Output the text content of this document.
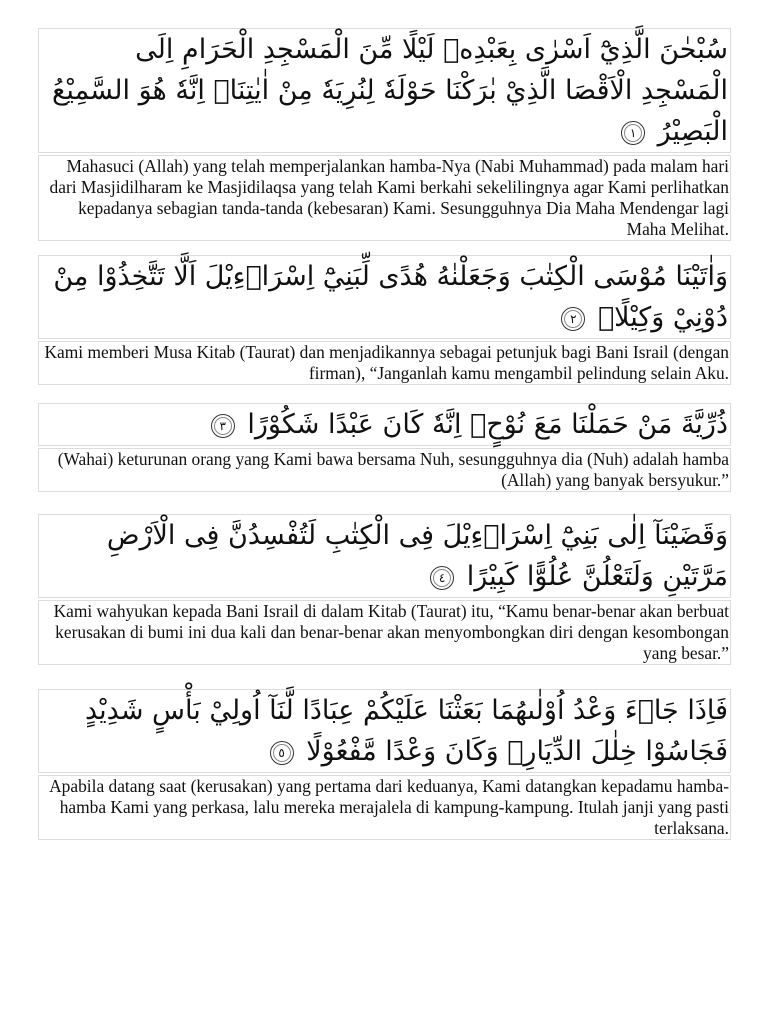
سُبْحٰنَ الَّذِيْٓ اَسْرٰى بِعَبْدِهٖ لَيْلًا مِّنَ الْمَسْجِدِ الْحَرَامِ اِلَى الْمَسْجِدِ الْاَقْصَا الَّذِيْ بٰرَكْنَا حَوْلَهٗ لِنُرِيَهٗ مِنْ اٰيٰتِنَاۗ اِنَّهٗ هُوَ السَّمِيْعُ الْبَصِيْرُ ١
Mahasuci (Allah) yang telah memperjalankan hamba-Nya (Nabi Muhammad) pada malam hari dari Masjidilharam ke Masjidilaqsa yang telah Kami berkahi sekelilingnya agar Kami perlihatkan kepadanya sebagian tanda-tanda (kebesaran) Kami. Sesungguhnya Dia Maha Mendengar lagi Maha Melihat.
وَاٰتَيْنَا مُوْسَى الْكِتٰبَ وَجَعَلْنٰهُ هُدًى لِّبَنِيْٓ اِسْرَاۤءِيْلَ اَلَّا تَتَّخِذُوْا مِنْ دُوْنِيْ وَكِيْلًاۗ ٢
Kami memberi Musa Kitab (Taurat) dan menjadikannya sebagai petunjuk bagi Bani Israil (dengan firman), “Janganlah kamu mengambil pelindung selain Aku.
ذُرِّيَّةَ مَنْ حَمَلْنَا مَعَ نُوْحٍۗ اِنَّهٗ كَانَ عَبْدًا شَكُوْرًا ٣
(Wahai) keturunan orang yang Kami bawa bersama Nuh, sesungguhnya dia (Nuh) adalah hamba (Allah) yang banyak bersyukur.”
وَقَضَيْنَآ اِلٰى بَنِيْٓ اِسْرَاۤءِيْلَ فِى الْكِتٰبِ لَتُفْسِدُنَّ فِى الْاَرْضِ مَرَّتَيْنِ وَلَتَعْلُنَّ عُلُوًّا كَبِيْرًا ٤
Kami wahyukan kepada Bani Israil di dalam Kitab (Taurat) itu, “Kamu benar-benar akan berbuat kerusakan di bumi ini dua kali dan benar-benar akan menyombongkan diri dengan kesombongan yang besar.”
فَاِذَا جَاۤءَ وَعْدُ اُوْلٰىهُمَا بَعَثْنَا عَلَيْكُمْ عِبَادًا لَّنَآ اُولِيْ بَأْسٍ شَدِيْدٍ فَجَاسُوْا خِلٰلَ الدِّيَارِۗ وَكَانَ وَعْدًا مَّفْعُوْلًا ٥
Apabila datang saat (kerusakan) yang pertama dari keduanya, Kami datangkan kepadamu hamba-hamba Kami yang perkasa, lalu mereka merajalela di kampung-kampung. Itulah janji yang pasti terlaksana.
